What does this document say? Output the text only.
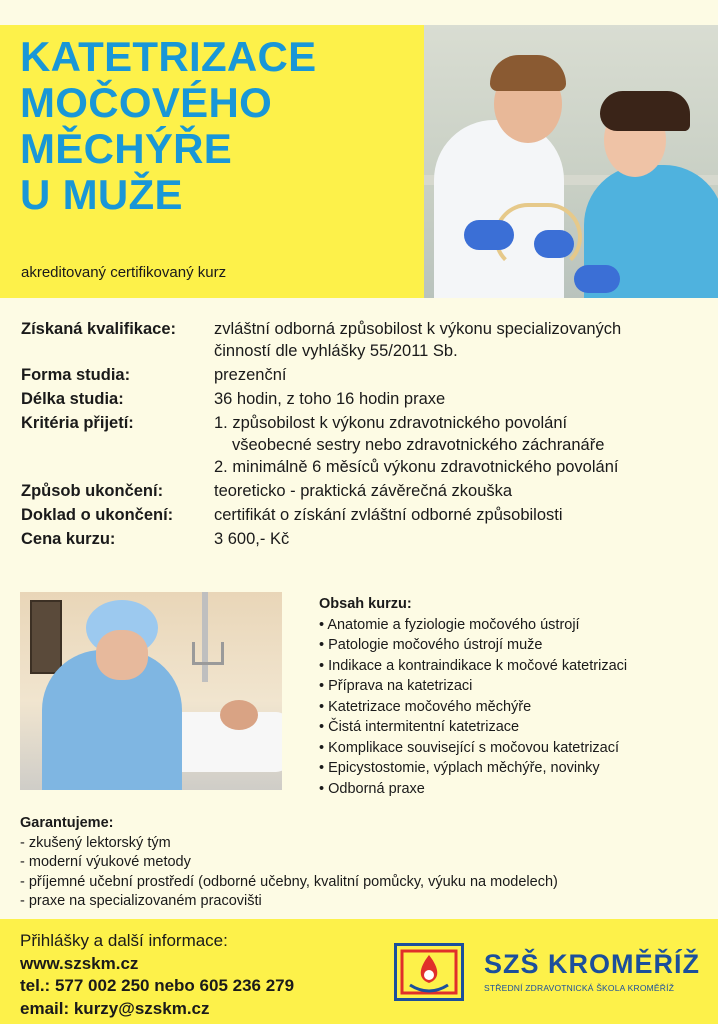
KATETRIZACE
MOČOVÉHO
MĚCHÝŘE
U MUŽE
akreditovaný certifikovaný kurz
Získaná kvalifikace:	zvláštní odborná způsobilost k výkonu specializovaných
činností dle vyhlášky 55/2011 Sb.
Forma studia:	prezenční
Délka studia:	36 hodin, z toho 16 hodin praxe
Kritéria přijetí:	1. způsobilost k výkonu zdravotnického povolání
všeobecné sestry nebo zdravotnického záchranáře
2. minimálně 6 měsíců výkonu zdravotnického povolání
Způsob ukončení:	teoreticko - praktická závěrečná zkouška
Doklad o ukončení:	certifikát o získání zvláštní odborné způsobilosti
Cena kurzu:	3 600,- Kč
Obsah kurzu:
• Anatomie a fyziologie močového ústrojí
• Patologie močového ústrojí muže
• Indikace a kontraindikace k močové katetrizaci
• Příprava na katetrizaci
• Katetrizace močového měchýře
• Čistá intermitentní katetrizace
• Komplikace související s močovou katetrizací
• Epicystostomie, výplach měchýře, novinky
• Odborná praxe
Garantujeme:
- zkušený lektorský tým
- moderní výukové metody
- příjemné učební prostředí (odborné učebny, kvalitní pomůcky, výuku na modelech)
- praxe na specializovaném pracovišti
Přihlášky a další informace:
www.szskm.cz
tel.: 577 002 250 nebo 605 236 279
email: kurzy@szskm.cz
SZŠ KROMĚŘÍŽ
STŘEDNÍ ZDRAVOTNICKÁ ŠKOLA KROMĚŘÍŽ
